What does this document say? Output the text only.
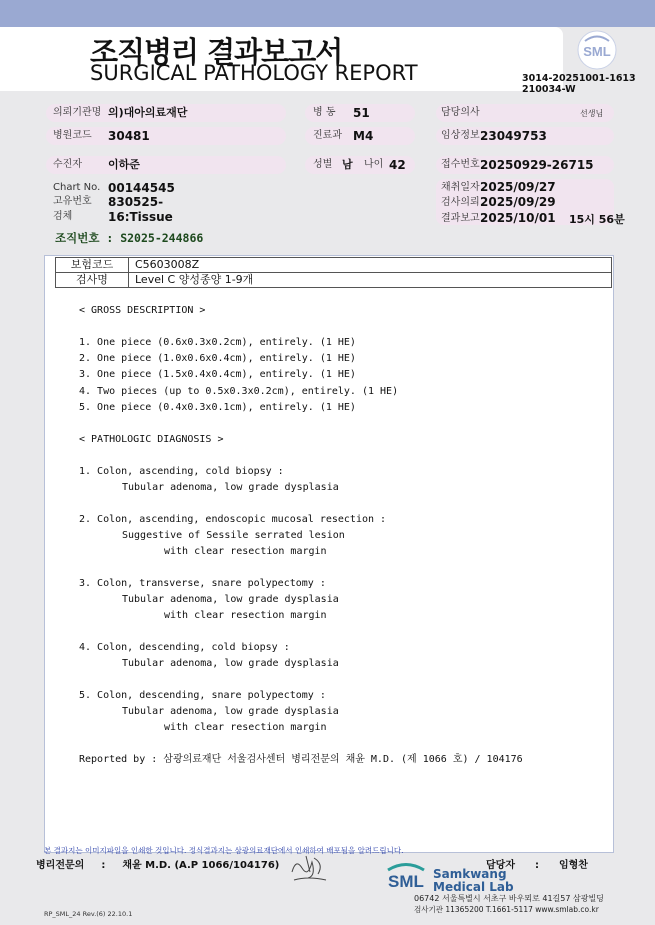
조직병리 결과보고서
SURGICAL PATHOLOGY REPORT	3014-20251001-1613
210034-W
SML
의뢰기관명 의)대아의료재단	병 동 51	담당의사	선생님
병원코드 30481	진료과 M4	임상정보 23049753
수진자 이하준	성별 남 나이 42	접수번호 20250929-26715
Chart No. 00144545
고유번호 830525-
검체	16:Tissue
채취일자 2025/09/27
검사의뢰 2025/09/29
결과보고 2025/10/01 15시 56분
조직번호 : S2025-244866
보험코드	C5603008Z
검사명	Level C 양성종양 1-9개
< GROSS DESCRIPTION >
1. One piece (0.6x0.3x0.2cm), entirely. (1 HE)
2. One piece (1.0x0.6x0.4cm), entirely. (1 HE)
3. One piece (1.5x0.4x0.4cm), entirely. (1 HE)
4. Two pieces (up to 0.5x0.3x0.2cm), entirely. (1 HE)
5. One piece (0.4x0.3x0.1cm), entirely. (1 HE)
< PATHOLOGIC DIAGNOSIS >
1. Colon, ascending, cold biopsy :
Tubular adenoma, low grade dysplasia
2. Colon, ascending, endoscopic mucosal resection :
Suggestive of Sessile serrated lesion
with clear resection margin
3. Colon, transverse, snare polypectomy :
Tubular adenoma, low grade dysplasia
with clear resection margin
4. Colon, descending, cold biopsy :
Tubular adenoma, low grade dysplasia
5. Colon, descending, snare polypectomy :
Tubular adenoma, low grade dysplasia
with clear resection margin
Reported by : 삼광의료재단 서울검사센터 병리전문의 채윤 M.D. (제 1066 호) / 104176
본 결과지는 이미지파일을 인쇄한 것입니다. 정식결과지는 삼광의료재단에서 인쇄하여 배포됨을 알려드립니다.
병리전문의 : 채윤 M.D. (A.P 1066/104176)	담당자 : 임형찬
SML Samkwang
Medical Lab
06742 서울특별시 서초구 바우뫼로 41길57 삼광빌딩
검사기관 11365200 T.1661-5117 www.smlab.co.kr
RP_SML_24 Rev.(6) 22.10.1
